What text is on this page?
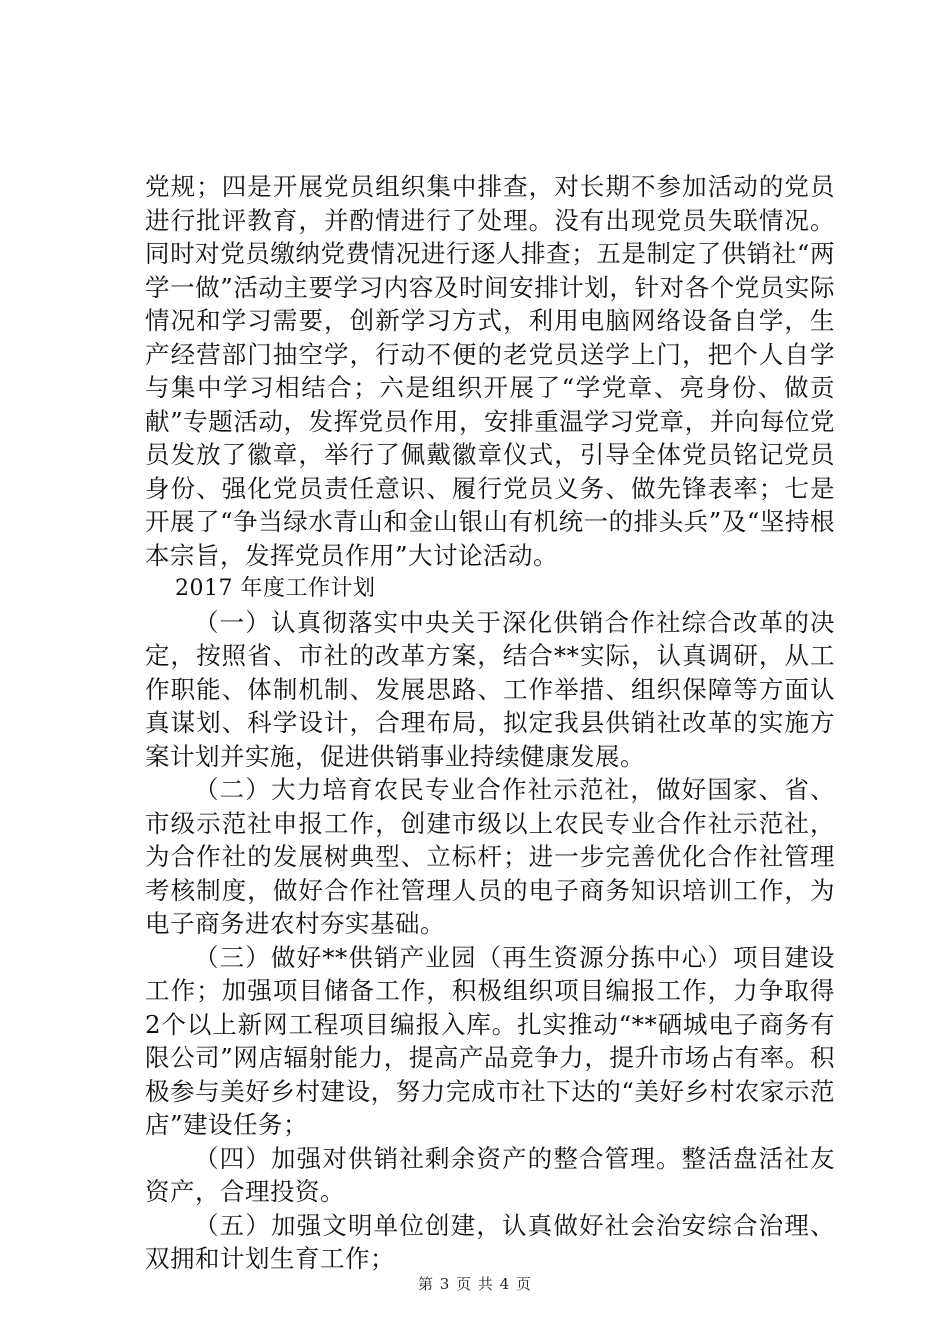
党规；四是开展党员组织集中排查，对长期不参加活动的党员进行批评教育，并酌情进行了处理。没有出现党员失联情况。同时对党员缴纳党费情况进行逐人排查；五是制定了供销社“两学一做”活动主要学习内容及时间安排计划，针对各个党员实际情况和学习需要，创新学习方式，利用电脑网络设备自学，生产经营部门抽空学，行动不便的老党员送学上门，把个人自学与集中学习相结合；六是组织开展了“学党章、亮身份、做贡献”专题活动，发挥党员作用，安排重温学习党章，并向每位党员发放了徽章，举行了佩戴徽章仪式，引导全体党员铭记党员身份、强化党员责任意识、履行党员义务、做先锋表率；七是开展了“争当绿水青山和金山银山有机统一的排头兵”及“坚持根本宗旨，发挥党员作用”大讨论活动。

2017 年度工作计划

（一）认真彻落实中央关于深化供销合作社综合改革的决定，按照省、市社的改革方案，结合**实际，认真调研，从工作职能、体制机制、发展思路、工作举措、组织保障等方面认真谋划、科学设计，合理布局，拟定我县供销社改革的实施方案计划并实施，促进供销事业持续健康发展。

（二）大力培育农民专业合作社示范社，做好国家、省、市级示范社申报工作，创建市级以上农民专业合作社示范社，为合作社的发展树典型、立标杆；进一步完善优化合作社管理考核制度，做好合作社管理人员的电子商务知识培训工作，为电子商务进农村夯实基础。

（三）做好**供销产业园（再生资源分拣中心）项目建设工作；加强项目储备工作，积极组织项目编报工作，力争取得2个以上新网工程项目编报入库。扎实推动“**硒城电子商务有限公司”网店辐射能力，提高产品竞争力，提升市场占有率。积极参与美好乡村建设，努力完成市社下达的“美好乡村农家示范店”建设任务；

（四）加强对供销社剩余资产的整合管理。整活盘活社友资产，合理投资。

（五）加强文明单位创建，认真做好社会治安综合治理、双拥和计划生育工作；

第 3 页 共 4 页
